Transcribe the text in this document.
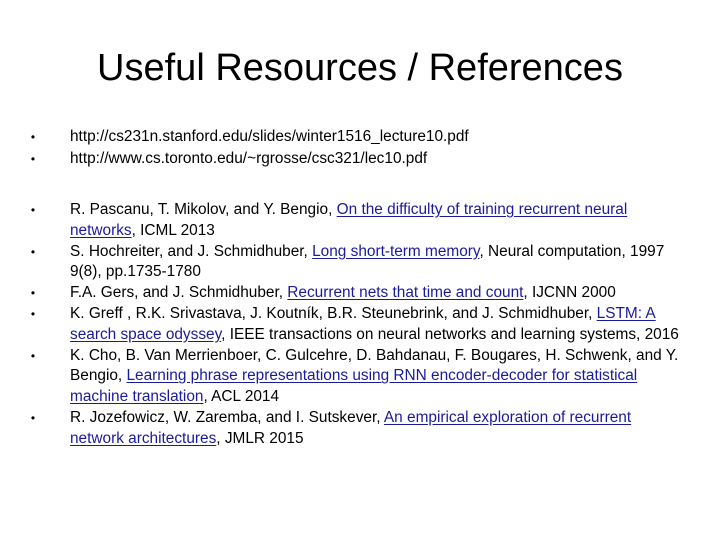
Useful Resources / References
•	http://cs231n.stanford.edu/slides/winter1516_lecture10.pdf
•	http://www.cs.toronto.edu/~rgrosse/csc321/lec10.pdf
•	R. Pascanu, T. Mikolov, and Y. Bengio, On the difficulty of training recurrent neural networks, ICML 2013
•	S. Hochreiter, and J. Schmidhuber, Long short-term memory, Neural computation, 1997 9(8), pp.1735-1780
•	F.A. Gers, and J. Schmidhuber, Recurrent nets that time and count, IJCNN 2000
•	K. Greff , R.K. Srivastava, J. Koutník, B.R. Steunebrink, and J. Schmidhuber, LSTM: A search space odyssey, IEEE transactions on neural networks and learning systems, 2016
•	K. Cho, B. Van Merrienboer, C. Gulcehre, D. Bahdanau, F. Bougares, H. Schwenk, and Y. Bengio, Learning phrase representations using RNN encoder-decoder for statistical machine translation, ACL 2014
•	R. Jozefowicz, W. Zaremba, and I. Sutskever, An empirical exploration of recurrent network architectures, JMLR 2015
